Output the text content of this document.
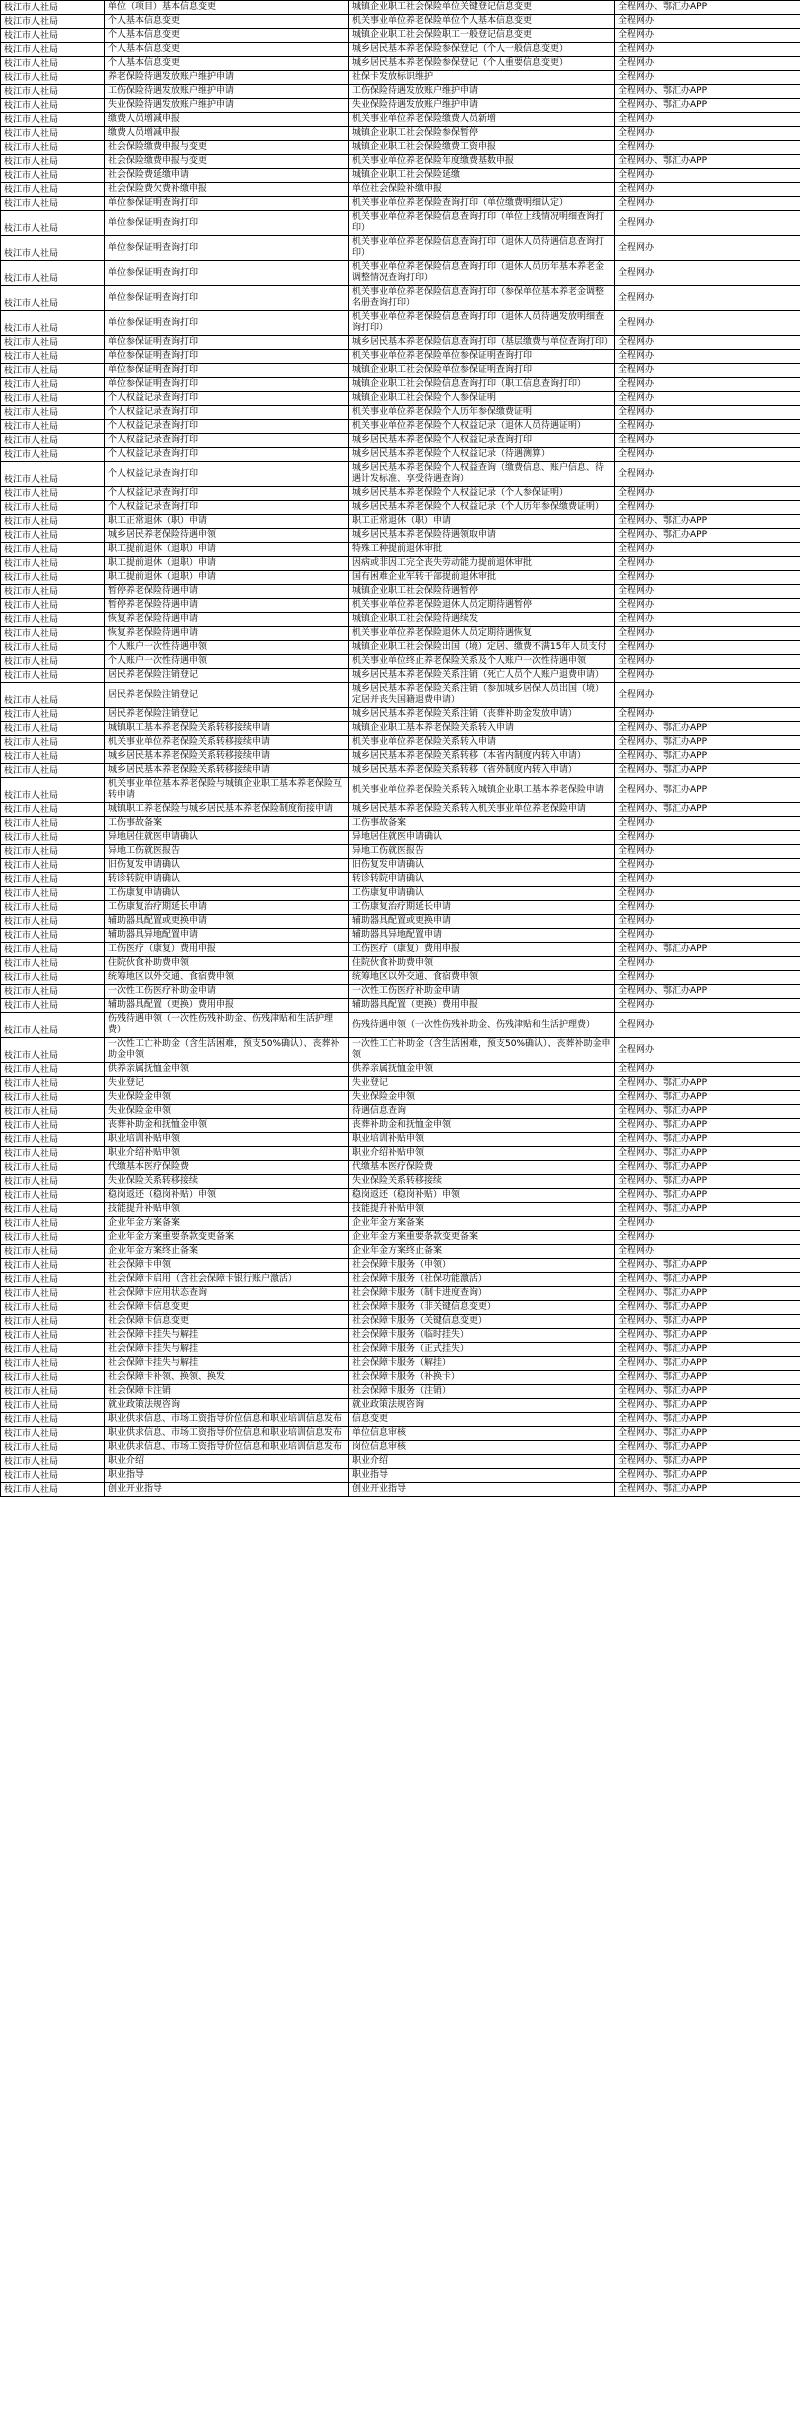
枝江市人社局	单位（项目）基本信息变更	城镇企业职工社会保险单位关键登记信息变更	全程网办、鄂汇办APP
枝江市人社局	个人基本信息变更	机关事业单位养老保险单位个人基本信息变更	全程网办
枝江市人社局	个人基本信息变更	城镇企业职工社会保险职工一般登记信息变更	全程网办
枝江市人社局	个人基本信息变更	城乡居民基本养老保险参保登记（个人一般信息变更）	全程网办
枝江市人社局	个人基本信息变更	城乡居民基本养老保险参保登记（个人重要信息变更）	全程网办
枝江市人社局	养老保险待遇发放账户维护申请	社保卡发放标识维护	全程网办
枝江市人社局	工伤保险待遇发放账户维护申请	工伤保险待遇发放账户维护申请	全程网办、鄂汇办APP
枝江市人社局	失业保险待遇发放账户维护申请	失业保险待遇发放账户维护申请	全程网办、鄂汇办APP
枝江市人社局	缴费人员增减申报	机关事业单位养老保险缴费人员新增	全程网办
枝江市人社局	缴费人员增减申报	城镇企业职工社会保险参保暂停	全程网办
枝江市人社局	社会保险缴费申报与变更	城镇企业职工社会保险缴费工资申报	全程网办
枝江市人社局	社会保险缴费申报与变更	机关事业单位养老保险年度缴费基数申报	全程网办、鄂汇办APP
枝江市人社局	社会保险费延缴申请	城镇企业职工社会保险延缴	全程网办
枝江市人社局	社会保险费欠费补缴申报	单位社会保险补缴申报	全程网办
枝江市人社局	单位参保证明查询打印	机关事业单位养老保险查询打印（单位缴费明细认定）	全程网办
枝江市人社局	单位参保证明查询打印	机关事业单位养老保险信息查询打印（单位上线情况明细查询打印）	全程网办
枝江市人社局	单位参保证明查询打印	机关事业单位养老保险信息查询打印（退休人员待遇信息查询打印）	全程网办
枝江市人社局	单位参保证明查询打印	机关事业单位养老保险信息查询打印（退休人员历年基本养老金调整情况查询打印）	全程网办
枝江市人社局	单位参保证明查询打印	机关事业单位养老保险信息查询打印（参保单位基本养老金调整名册查询打印）	全程网办
枝江市人社局	单位参保证明查询打印	机关事业单位养老保险信息查询打印（退休人员待遇发放明细查询打印）	全程网办
枝江市人社局	单位参保证明查询打印	城乡居民基本养老保险信息查询打印（基层缴费与单位查询打印）	全程网办
枝江市人社局	单位参保证明查询打印	机关事业单位养老保险单位参保证明查询打印	全程网办
枝江市人社局	单位参保证明查询打印	城镇企业职工社会保险单位参保证明查询打印	全程网办
枝江市人社局	单位参保证明查询打印	城镇企业职工社会保险信息查询打印（职工信息查询打印）	全程网办
枝江市人社局	个人权益记录查询打印	城镇企业职工社会保险个人参保证明	全程网办
枝江市人社局	个人权益记录查询打印	机关事业单位养老保险个人历年参保缴费证明	全程网办
枝江市人社局	个人权益记录查询打印	机关事业单位养老保险个人权益记录（退休人员待遇证明）	全程网办
枝江市人社局	个人权益记录查询打印	城乡居民基本养老保险个人权益记录查询打印	全程网办
枝江市人社局	个人权益记录查询打印	城乡居民基本养老保险个人权益记录（待遇测算）	全程网办
枝江市人社局	个人权益记录查询打印	城乡居民基本养老保险个人权益查询（缴费信息、账户信息、待遇计发标准、享受待遇查询）	全程网办
枝江市人社局	个人权益记录查询打印	城乡居民基本养老保险个人权益记录（个人参保证明）	全程网办
枝江市人社局	个人权益记录查询打印	城乡居民基本养老保险个人权益记录（个人历年参保缴费证明）	全程网办
枝江市人社局	职工正常退休（职）申请	职工正常退休（职）申请	全程网办、鄂汇办APP
枝江市人社局	城乡居民养老保险待遇申领	城乡居民基本养老保险待遇领取申请	全程网办、鄂汇办APP
枝江市人社局	职工提前退休（退职）申请	特殊工种提前退休审批	全程网办
枝江市人社局	职工提前退休（退职）申请	因病或非因工完全丧失劳动能力提前退休审批	全程网办
枝江市人社局	职工提前退休（退职）申请	国有困难企业军转干部提前退休审批	全程网办
枝江市人社局	暂停养老保险待遇申请	城镇企业职工社会保险待遇暂停	全程网办
枝江市人社局	暂停养老保险待遇申请	机关事业单位养老保险退休人员定期待遇暂停	全程网办
枝江市人社局	恢复养老保险待遇申请	城镇企业职工社会保险待遇续发	全程网办
枝江市人社局	恢复养老保险待遇申请	机关事业单位养老保险退休人员定期待遇恢复	全程网办
枝江市人社局	个人账户一次性待遇申领	城镇企业职工社会保险出国（境）定居、缴费不满15年人员支付	全程网办
枝江市人社局	个人账户一次性待遇申领	机关事业单位终止养老保险关系及个人账户一次性待遇申领	全程网办
枝江市人社局	居民养老保险注销登记	城乡居民基本养老保险关系注销（死亡人员个人账户退费申请）	全程网办
枝江市人社局	居民养老保险注销登记	城乡居民基本养老保险关系注销（参加城乡居保人员出国（境）定居并丧失国籍退费申请）	全程网办
枝江市人社局	居民养老保险注销登记	城乡居民基本养老保险关系注销（丧葬补助金发放申请）	全程网办
枝江市人社局	城镇职工基本养老保险关系转移接续申请	城镇企业职工基本养老保险关系转入申请	全程网办、鄂汇办APP
枝江市人社局	机关事业单位养老保险关系转移接续申请	机关事业单位养老保险关系转入申请	全程网办、鄂汇办APP
枝江市人社局	城乡居民基本养老保险关系转移接续申请	城乡居民基本养老保险关系转移（本省内制度内转入申请）	全程网办、鄂汇办APP
枝江市人社局	城乡居民基本养老保险关系转移接续申请	城乡居民基本养老保险关系转移（省外制度内转入申请）	全程网办、鄂汇办APP
枝江市人社局	机关事业单位基本养老保险与城镇企业职工基本养老保险互转申请	机关事业单位养老保险关系转入城镇企业职工基本养老保险申请	全程网办、鄂汇办APP
枝江市人社局	城镇职工养老保险与城乡居民基本养老保险制度衔接申请	城乡居民基本养老保险关系转入机关事业单位养老保险申请	全程网办、鄂汇办APP
枝江市人社局	工伤事故备案	工伤事故备案	全程网办
枝江市人社局	异地居住就医申请确认	异地居住就医申请确认	全程网办
枝江市人社局	异地工伤就医报告	异地工伤就医报告	全程网办
枝江市人社局	旧伤复发申请确认	旧伤复发申请确认	全程网办
枝江市人社局	转诊转院申请确认	转诊转院申请确认	全程网办
枝江市人社局	工伤康复申请确认	工伤康复申请确认	全程网办
枝江市人社局	工伤康复治疗期延长申请	工伤康复治疗期延长申请	全程网办
枝江市人社局	辅助器具配置或更换申请	辅助器具配置或更换申请	全程网办
枝江市人社局	辅助器具异地配置申请	辅助器具异地配置申请	全程网办
枝江市人社局	工伤医疗（康复）费用申报	工伤医疗（康复）费用申报	全程网办、鄂汇办APP
枝江市人社局	住院伙食补助费申领	住院伙食补助费申领	全程网办
枝江市人社局	统筹地区以外交通、食宿费申领	统筹地区以外交通、食宿费申领	全程网办
枝江市人社局	一次性工伤医疗补助金申请	一次性工伤医疗补助金申请	全程网办、鄂汇办APP
枝江市人社局	辅助器具配置（更换）费用申报	辅助器具配置（更换）费用申报	全程网办
枝江市人社局	伤残待遇申领（一次性伤残补助金、伤残津贴和生活护理费）	伤残待遇申领（一次性伤残补助金、伤残津贴和生活护理费）	全程网办
枝江市人社局	一次性工亡补助金（含生活困难，预支50%确认）、丧葬补助金申领	一次性工亡补助金（含生活困难，预支50%确认）、丧葬补助金申领	全程网办
枝江市人社局	供养亲属抚恤金申领	供养亲属抚恤金申领	全程网办
枝江市人社局	失业登记	失业登记	全程网办、鄂汇办APP
枝江市人社局	失业保险金申领	失业保险金申领	全程网办、鄂汇办APP
枝江市人社局	失业保险金申领	待遇信息查询	全程网办、鄂汇办APP
枝江市人社局	丧葬补助金和抚恤金申领	丧葬补助金和抚恤金申领	全程网办、鄂汇办APP
枝江市人社局	职业培训补贴申领	职业培训补贴申领	全程网办、鄂汇办APP
枝江市人社局	职业介绍补贴申领	职业介绍补贴申领	全程网办、鄂汇办APP
枝江市人社局	代缴基本医疗保险费	代缴基本医疗保险费	全程网办、鄂汇办APP
枝江市人社局	失业保险关系转移接续	失业保险关系转移接续	全程网办、鄂汇办APP
枝江市人社局	稳岗返还（稳岗补贴）申领	稳岗返还（稳岗补贴）申领	全程网办、鄂汇办APP
枝江市人社局	技能提升补贴申领	技能提升补贴申领	全程网办、鄂汇办APP
枝江市人社局	企业年金方案备案	企业年金方案备案	全程网办
枝江市人社局	企业年金方案重要条款变更备案	企业年金方案重要条款变更备案	全程网办
枝江市人社局	企业年金方案终止备案	企业年金方案终止备案	全程网办
枝江市人社局	社会保障卡申领	社会保障卡服务（申领）	全程网办、鄂汇办APP
枝江市人社局	社会保障卡启用（含社会保障卡银行账户激活）	社会保障卡服务（社保功能激活）	全程网办、鄂汇办APP
枝江市人社局	社会保障卡应用状态查询	社会保障卡服务（制卡进度查询）	全程网办、鄂汇办APP
枝江市人社局	社会保障卡信息变更	社会保障卡服务（非关键信息变更）	全程网办、鄂汇办APP
枝江市人社局	社会保障卡信息变更	社会保障卡服务（关键信息变更）	全程网办、鄂汇办APP
枝江市人社局	社会保障卡挂失与解挂	社会保障卡服务（临时挂失）	全程网办、鄂汇办APP
枝江市人社局	社会保障卡挂失与解挂	社会保障卡服务（正式挂失）	全程网办、鄂汇办APP
枝江市人社局	社会保障卡挂失与解挂	社会保障卡服务（解挂）	全程网办、鄂汇办APP
枝江市人社局	社会保障卡补领、换领、换发	社会保障卡服务（补换卡）	全程网办、鄂汇办APP
枝江市人社局	社会保障卡注销	社会保障卡服务（注销）	全程网办、鄂汇办APP
枝江市人社局	就业政策法规咨询	就业政策法规咨询	全程网办、鄂汇办APP
枝江市人社局	职业供求信息、市场工资指导价位信息和职业培训信息发布	信息变更	全程网办、鄂汇办APP
枝江市人社局	职业供求信息、市场工资指导价位信息和职业培训信息发布	单位信息审核	全程网办、鄂汇办APP
枝江市人社局	职业供求信息、市场工资指导价位信息和职业培训信息发布	岗位信息审核	全程网办、鄂汇办APP
枝江市人社局	职业介绍	职业介绍	全程网办、鄂汇办APP
枝江市人社局	职业指导	职业指导	全程网办、鄂汇办APP
枝江市人社局	创业开业指导	创业开业指导	全程网办、鄂汇办APP
